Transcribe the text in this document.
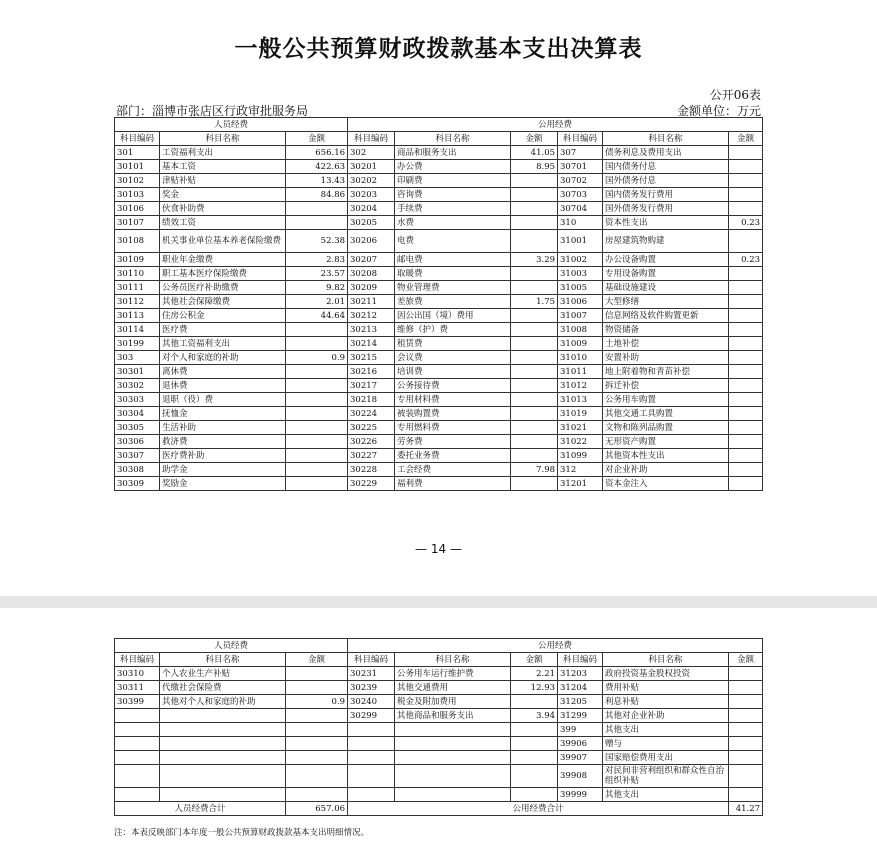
一般公共预算财政拨款基本支出决算表
公开06表
部门：淄博市张店区行政审批服务局	金额单位：万元
人员经费			公用经费					
科目编码	科目名称	金额	科目编码	科目名称	金额	科目编码	科目名称	金额
301	工资福利支出	656.16	302	商品和服务支出	41.05	307	债务利息及费用支出	
30101	基本工资	422.63	30201	办公费	8.95	30701	国内债务付息	
30102	津贴补贴	13.43	30202	印刷费		30702	国外债务付息	
30103	奖金	84.86	30203	咨询费		30703	国内债务发行费用	
30106	伙食补助费		30204	手续费		30704	国外债务发行费用	
30107	绩效工资		30205	水费		310	资本性支出	0.23
30108	机关事业单位基本养老保险缴费	52.38	30206	电费		31001	房屋建筑物购建	
30109	职业年金缴费	2.83	30207	邮电费	3.29	31002	办公设备购置	0.23
30110	职工基本医疗保险缴费	23.57	30208	取暖费		31003	专用设备购置	
30111	公务员医疗补助缴费	9.82	30209	物业管理费		31005	基础设施建设	
30112	其他社会保障缴费	2.01	30211	差旅费	1.75	31006	大型修缮	
30113	住房公积金	44.64	30212	因公出国（境）费用		31007	信息网络及软件购置更新	
30114	医疗费		30213	维修（护）费		31008	物资储备	
30199	其他工资福利支出		30214	租赁费		31009	土地补偿	
303	对个人和家庭的补助	0.9	30215	会议费		31010	安置补助	
30301	离休费		30216	培训费		31011	地上附着物和青苗补偿	
30302	退休费		30217	公务接待费		31012	拆迁补偿	
30303	退职（役）费		30218	专用材料费		31013	公务用车购置	
30304	抚恤金		30224	被装购置费		31019	其他交通工具购置	
30305	生活补助		30225	专用燃料费		31021	文物和陈列品购置	
30306	救济费		30226	劳务费		31022	无形资产购置	
30307	医疗费补助		30227	委托业务费		31099	其他资本性支出	
30308	助学金		30228	工会经费	7.98	312	对企业补助	
30309	奖励金		30229	福利费		31201	资本金注入	
— 14 —
人员经费			公用经费					
科目编码	科目名称	金额	科目编码	科目名称	金额	科目编码	科目名称	金额
30310	个人农业生产补贴		30231	公务用车运行维护费	2.21	31203	政府投资基金股权投资	
30311	代缴社会保险费		30239	其他交通费用	12.93	31204	费用补贴	
30399	其他对个人和家庭的补助	0.9	30240	税金及附加费用		31205	利息补贴	
			30299	其他商品和服务支出	3.94	31299	其他对企业补助	
						399	其他支出	
						39906	赠与	
						39907	国家赔偿费用支出	
						39908	对民间非营利组织和群众性自治组织补贴	
						39999	其他支出	
人员经费合计		657.06	公用经费合计					41.27
注：本表反映部门本年度一般公共预算财政拨款基本支出明细情况。
